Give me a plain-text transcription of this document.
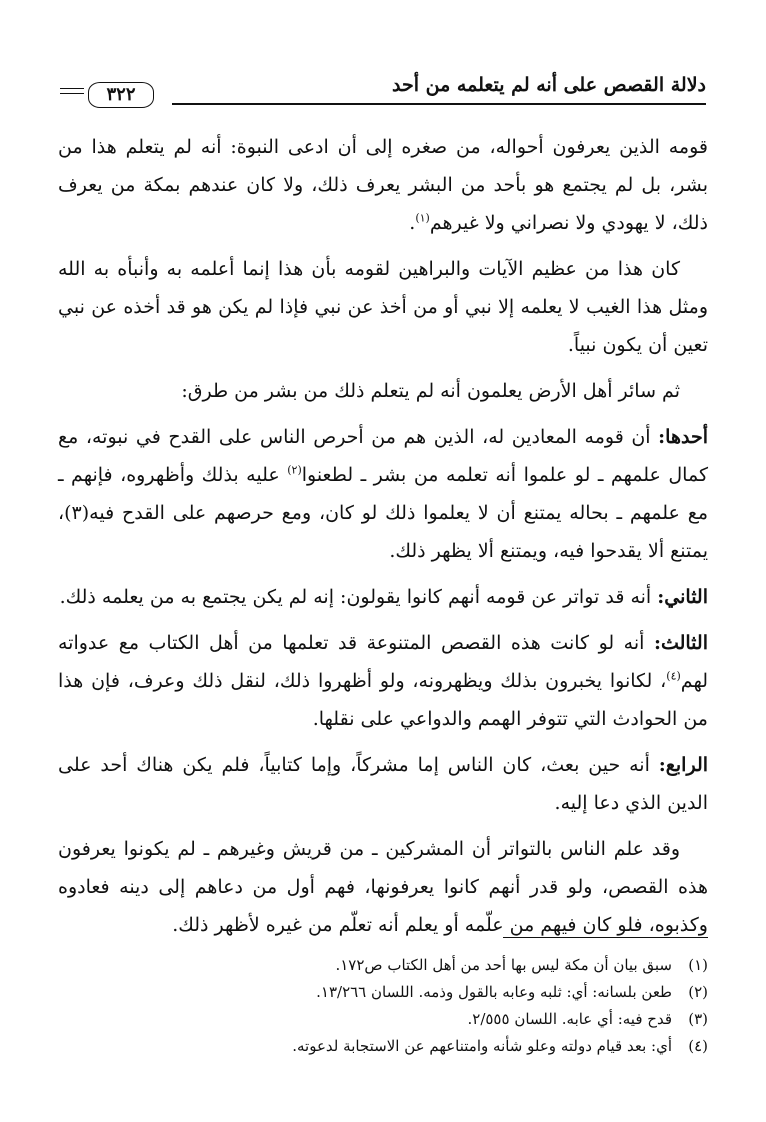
دلالة القصص على أنه لم يتعلمه من أحد
٣٢٢

قومه الذين يعرفون أحواله، من صغره إلى أن ادعى النبوة: أنه لم يتعلم هذا من بشر، بل لم يجتمع هو بأحد من البشر يعرف ذلك، ولا كان عندهم بمكة من يعرف ذلك، لا يهودي ولا نصراني ولا غيرهم$^{(١)}$.

كان هذا من عظيم الآيات والبراهين لقومه بأن هذا إنما أعلمه به وأنبأه به الله ومثل هذا الغيب لا يعلمه إلا نبي أو من أخذ عن نبي فإذا لم يكن هو قد أخذه عن نبي تعين أن يكون نبياً.

ثم سائر أهل الأرض يعلمون أنه لم يتعلم ذلك من بشر من طرق:

أحدها: أن قومه المعادين له، الذين هم من أحرص الناس على القدح في نبوته، مع كمال علمهم ـ لو علموا أنه تعلمه من بشر ـ لطعنوا$^{(٢)}$ عليه بذلك وأظهروه، فإنهم ـ مع علمهم ـ بحاله يمتنع أن لا يعلموا ذلك لو كان، ومع حرصهم على القدح فيه(٣)، يمتنع ألا يقدحوا فيه، ويمتنع ألا يظهر ذلك.

الثاني: أنه قد تواتر عن قومه أنهم كانوا يقولون: إنه لم يكن يجتمع به من يعلمه ذلك.

الثالث: أنه لو كانت هذه القصص المتنوعة قد تعلمها من أهل الكتاب مع عدواته لهم$^{(٤)}$، لكانوا يخبرون بذلك ويظهرونه، ولو أظهروا ذلك، لنقل ذلك وعرف، فإن هذا من الحوادث التي تتوفر الهمم والدواعي على نقلها.

الرابع: أنه حين بعث، كان الناس إما مشركاً، وإما كتابياً، فلم يكن هناك أحد على الدين الذي دعا إليه.

وقد علم الناس بالتواتر أن المشركين ـ من قريش وغيرهم ـ لم يكونوا يعرفون هذه القصص، ولو قدر أنهم كانوا يعرفونها، فهم أول من دعاهم إلى دينه فعادوه وكذبوه، فلو كان فيهم من علّمه أو يعلم أنه تعلّم من غيره لأظهر ذلك.

(١)سبق بيان أن مكة ليس بها أحد من أهل الكتاب ص١٧٢.
(٢)طعن بلسانه: أي: ثلبه وعابه بالقول وذمه. اللسان ١٣/٢٦٦.
(٣)قدح فيه: أي عابه. اللسان ٢/٥٥٥.
(٤)أي: بعد قيام دولته وعلو شأنه وامتناعهم عن الاستجابة لدعوته.
